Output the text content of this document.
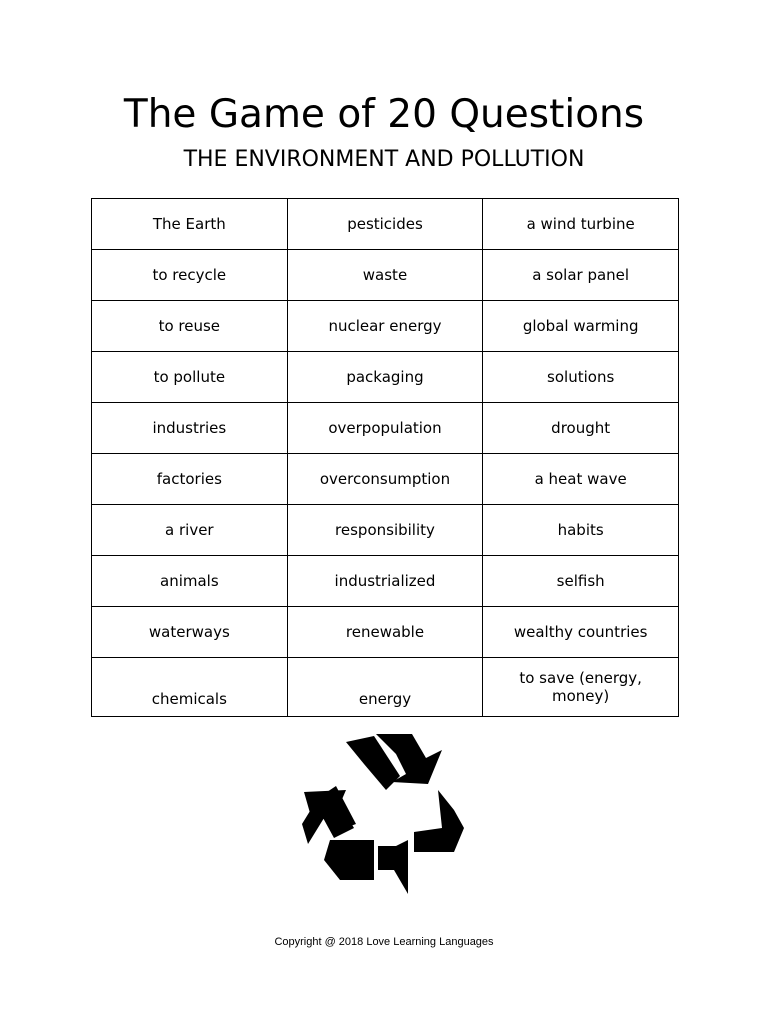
The Game of 20 Questions
THE ENVIRONMENT AND POLLUTION
The Earth	pesticides	a wind turbine
to recycle	waste	a solar panel
to reuse	nuclear energy	global warming
to pollute	packaging	solutions
industries	overpopulation	drought
factories	overconsumption	a heat wave
a river	responsibility	habits
animals	industrialized	selfish
waterways	renewable	wealthy countries
chemicals	energy	to save (energy, money)
Copyright @ 2018 Love Learning Languages
